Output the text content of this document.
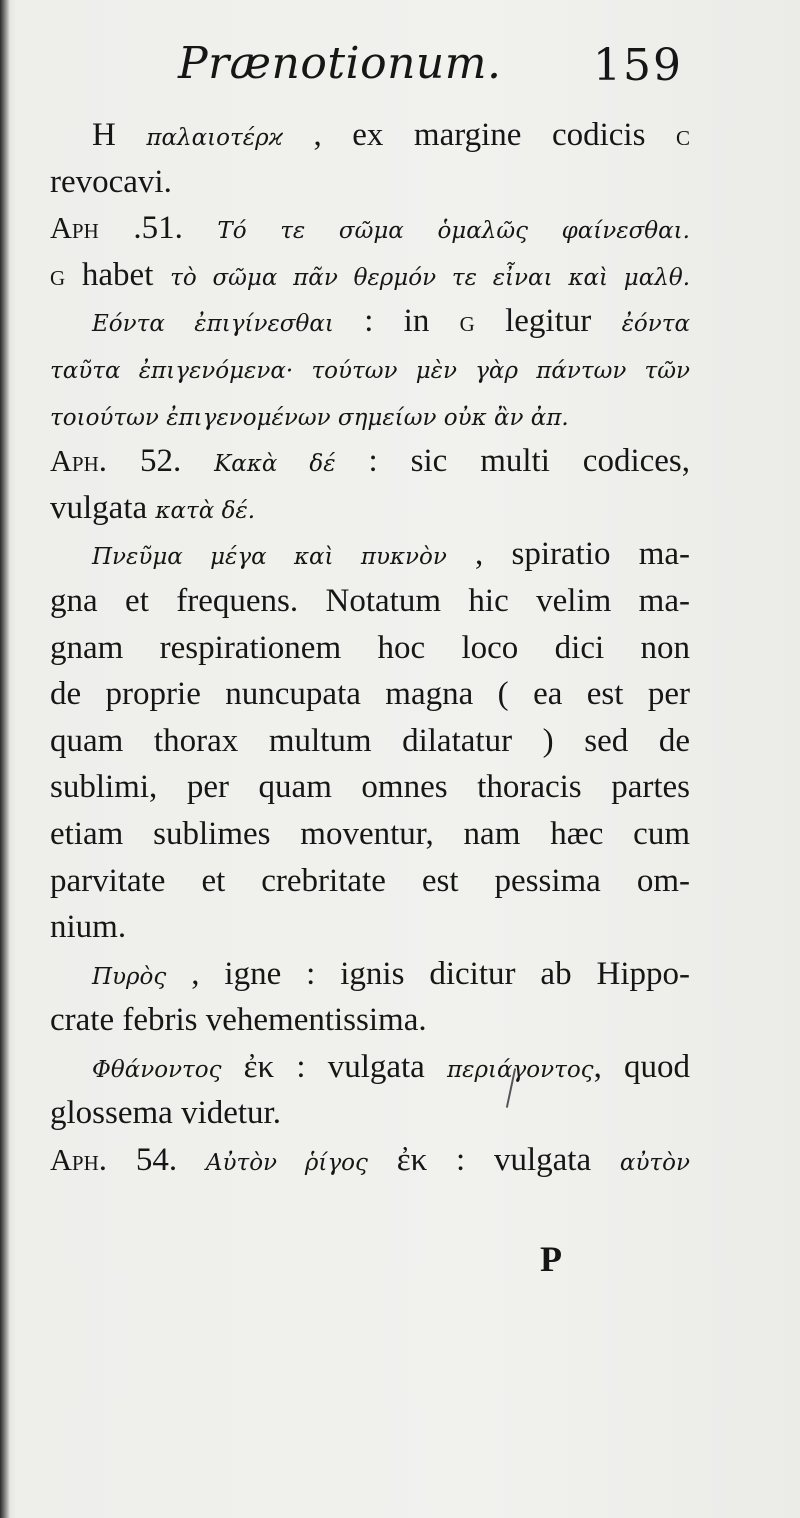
Prænotionum. 159
Η παλαιοτέρϰ , ex margine codicis c
revocavi.
Aph .51. Τό τε σῶμα ὁμαλῶς φαίνεσθαι.
g habet τὸ σῶμα πᾶν θερμόν τε εἶναι καὶ μαλθ.
Εόντα ἐπιγίνεσθαι : in g legitur ἐόντα
ταῦτα ἐπιγενόμενα· τούτων μὲν γὰρ πάντων τῶν
τοιούτων ἐπιγενομένων σημείων οὐκ ἂν ἀπ.
Aph. 52. Κακὰ δέ : sic multi codices,
vulgata κατὰ δέ.
Πνεῦμα μέγα καὶ πυκνὸν , spiratio ma-
gna et frequens. Notatum hic velim ma-
gnam respirationem hoc loco dici non
de proprie nuncupata magna ( ea est per
quam thorax multum dilatatur ) sed de
sublimi, per quam omnes thoracis partes
etiam sublimes moventur, nam hæc cum
parvitate et crebritate est pessima om-
nium.
Πυρὸς , igne : ignis dicitur ab Hippo-
crate febris vehementissima.
Φθάνοντος ἐκ : vulgata περιάγοντος, quod
glossema videtur.
Aph. 54. Αὐτὸν ῥίγος ἐκ : vulgata αὐτὸν
P
